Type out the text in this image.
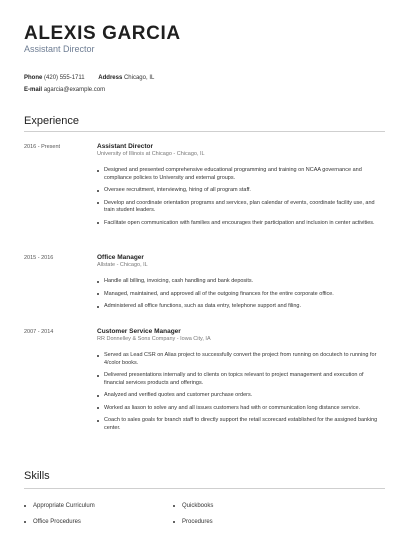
ALEXIS GARCIA
Assistant Director
Phone (420) 555-1711 Address Chicago, IL
E-mail agarcia@example.com
Experience
2016 - Present	Assistant Director
University of Illinois at Chicago - Chicago, IL
Designed and presented comprehensive educational programming and training on NCAA governance and compliance policies to University and external groups.
Oversee recruitment, interviewing, hiring of all program staff.
Develop and coordinate orientation programs and services, plan calendar of events, coordinate facility use, and train student leaders.
Facilitate open communication with families and encourages their participation and inclusion in center activities.
2015 - 2016	Office Manager
Allstate - Chicago, IL
Handle all billing, invoicing, cash handling and bank deposits.
Managed, maintained, and approved all of the outgoing finances for the entire corporate office.
Administered all office functions, such as data entry, telephone support and filing.
2007 - 2014	Customer Service Manager
RR Donnelley & Sons Company - Iowa City, IA
Served as Lead CSR on Alias project to successfully convert the project from running on docutech to running for 4/color books.
Delivered presentations internally and to clients on topics relevant to project management and execution of financial services products and offerings.
Analyzed and verified quotes and customer purchase orders.
Worked as liason to solve any and all issues customers had with or communication long distance service.
Coach to sales goals for branch staff to directly support the retail scorecard established for the assigned banking center.
Skills
Appropriate Curriculum
Office Procedures
Quickbooks
Procedures
